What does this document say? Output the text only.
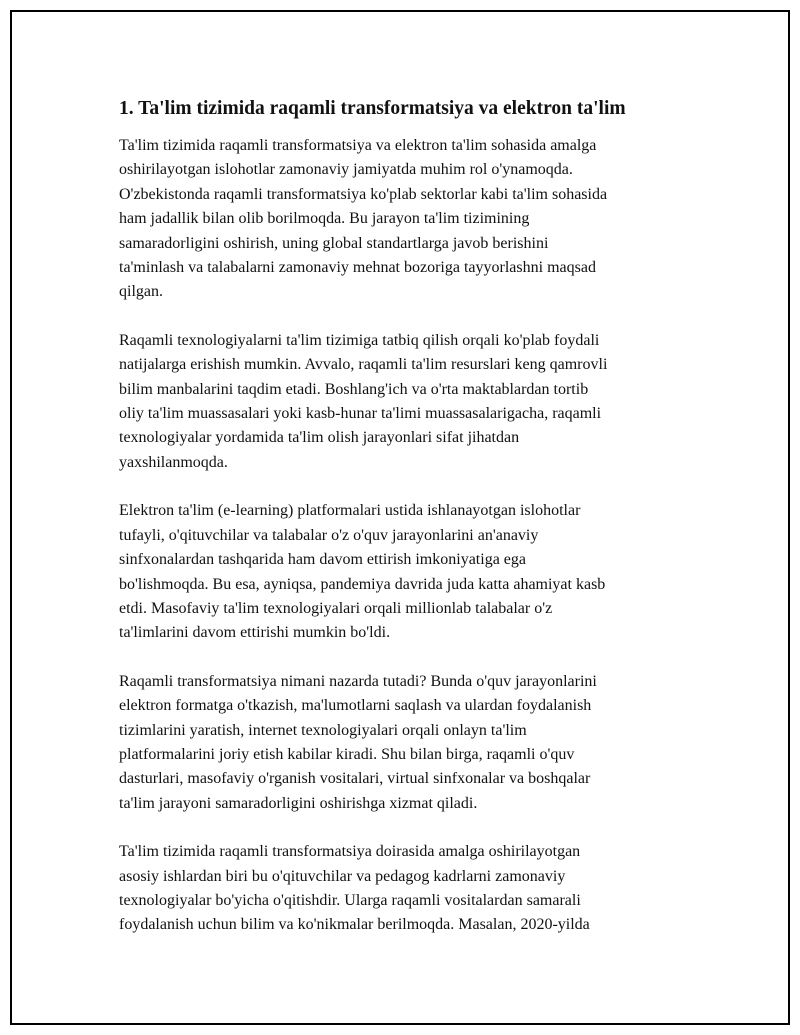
1. Ta'lim tizimida raqamli transformatsiya va elektron ta'lim

Ta'lim tizimida raqamli transformatsiya va elektron ta'lim sohasida amalga
oshirilayotgan islohotlar zamonaviy jamiyatda muhim rol o'ynamoqda.
O'zbekistonda raqamli transformatsiya ko'plab sektorlar kabi ta'lim sohasida
ham jadallik bilan olib borilmoqda. Bu jarayon ta'lim tizimining
samaradorligini oshirish, uning global standartlarga javob berishini
ta'minlash va talabalarni zamonaviy mehnat bozoriga tayyorlashni maqsad
qilgan.

Raqamli texnologiyalarni ta'lim tizimiga tatbiq qilish orqali ko'plab foydali
natijalarga erishish mumkin. Avvalo, raqamli ta'lim resurslari keng qamrovli
bilim manbalarini taqdim etadi. Boshlang'ich va o'rta maktablardan tortib
oliy ta'lim muassasalari yoki kasb-hunar ta'limi muassasalarigacha, raqamli
texnologiyalar yordamida ta'lim olish jarayonlari sifat jihatdan
yaxshilanmoqda.

Elektron ta'lim (e-learning) platformalari ustida ishlanayotgan islohotlar
tufayli, o'qituvchilar va talabalar o'z o'quv jarayonlarini an'anaviy
sinfxonalardan tashqarida ham davom ettirish imkoniyatiga ega
bo'lishmoqda. Bu esa, ayniqsa, pandemiya davrida juda katta ahamiyat kasb
etdi. Masofaviy ta'lim texnologiyalari orqali millionlab talabalar o'z
ta'limlarini davom ettirishi mumkin bo'ldi.

Raqamli transformatsiya nimani nazarda tutadi? Bunda o'quv jarayonlarini
elektron formatga o'tkazish, ma'lumotlarni saqlash va ulardan foydalanish
tizimlarini yaratish, internet texnologiyalari orqali onlayn ta'lim
platformalarini joriy etish kabilar kiradi. Shu bilan birga, raqamli o'quv
dasturlari, masofaviy o'rganish vositalari, virtual sinfxonalar va boshqalar
ta'lim jarayoni samaradorligini oshirishga xizmat qiladi.

Ta'lim tizimida raqamli transformatsiya doirasida amalga oshirilayotgan
asosiy ishlardan biri bu o'qituvchilar va pedagog kadrlarni zamonaviy
texnologiyalar bo'yicha o'qitishdir. Ularga raqamli vositalardan samarali
foydalanish uchun bilim va ko'nikmalar berilmoqda. Masalan, 2020-yilda
